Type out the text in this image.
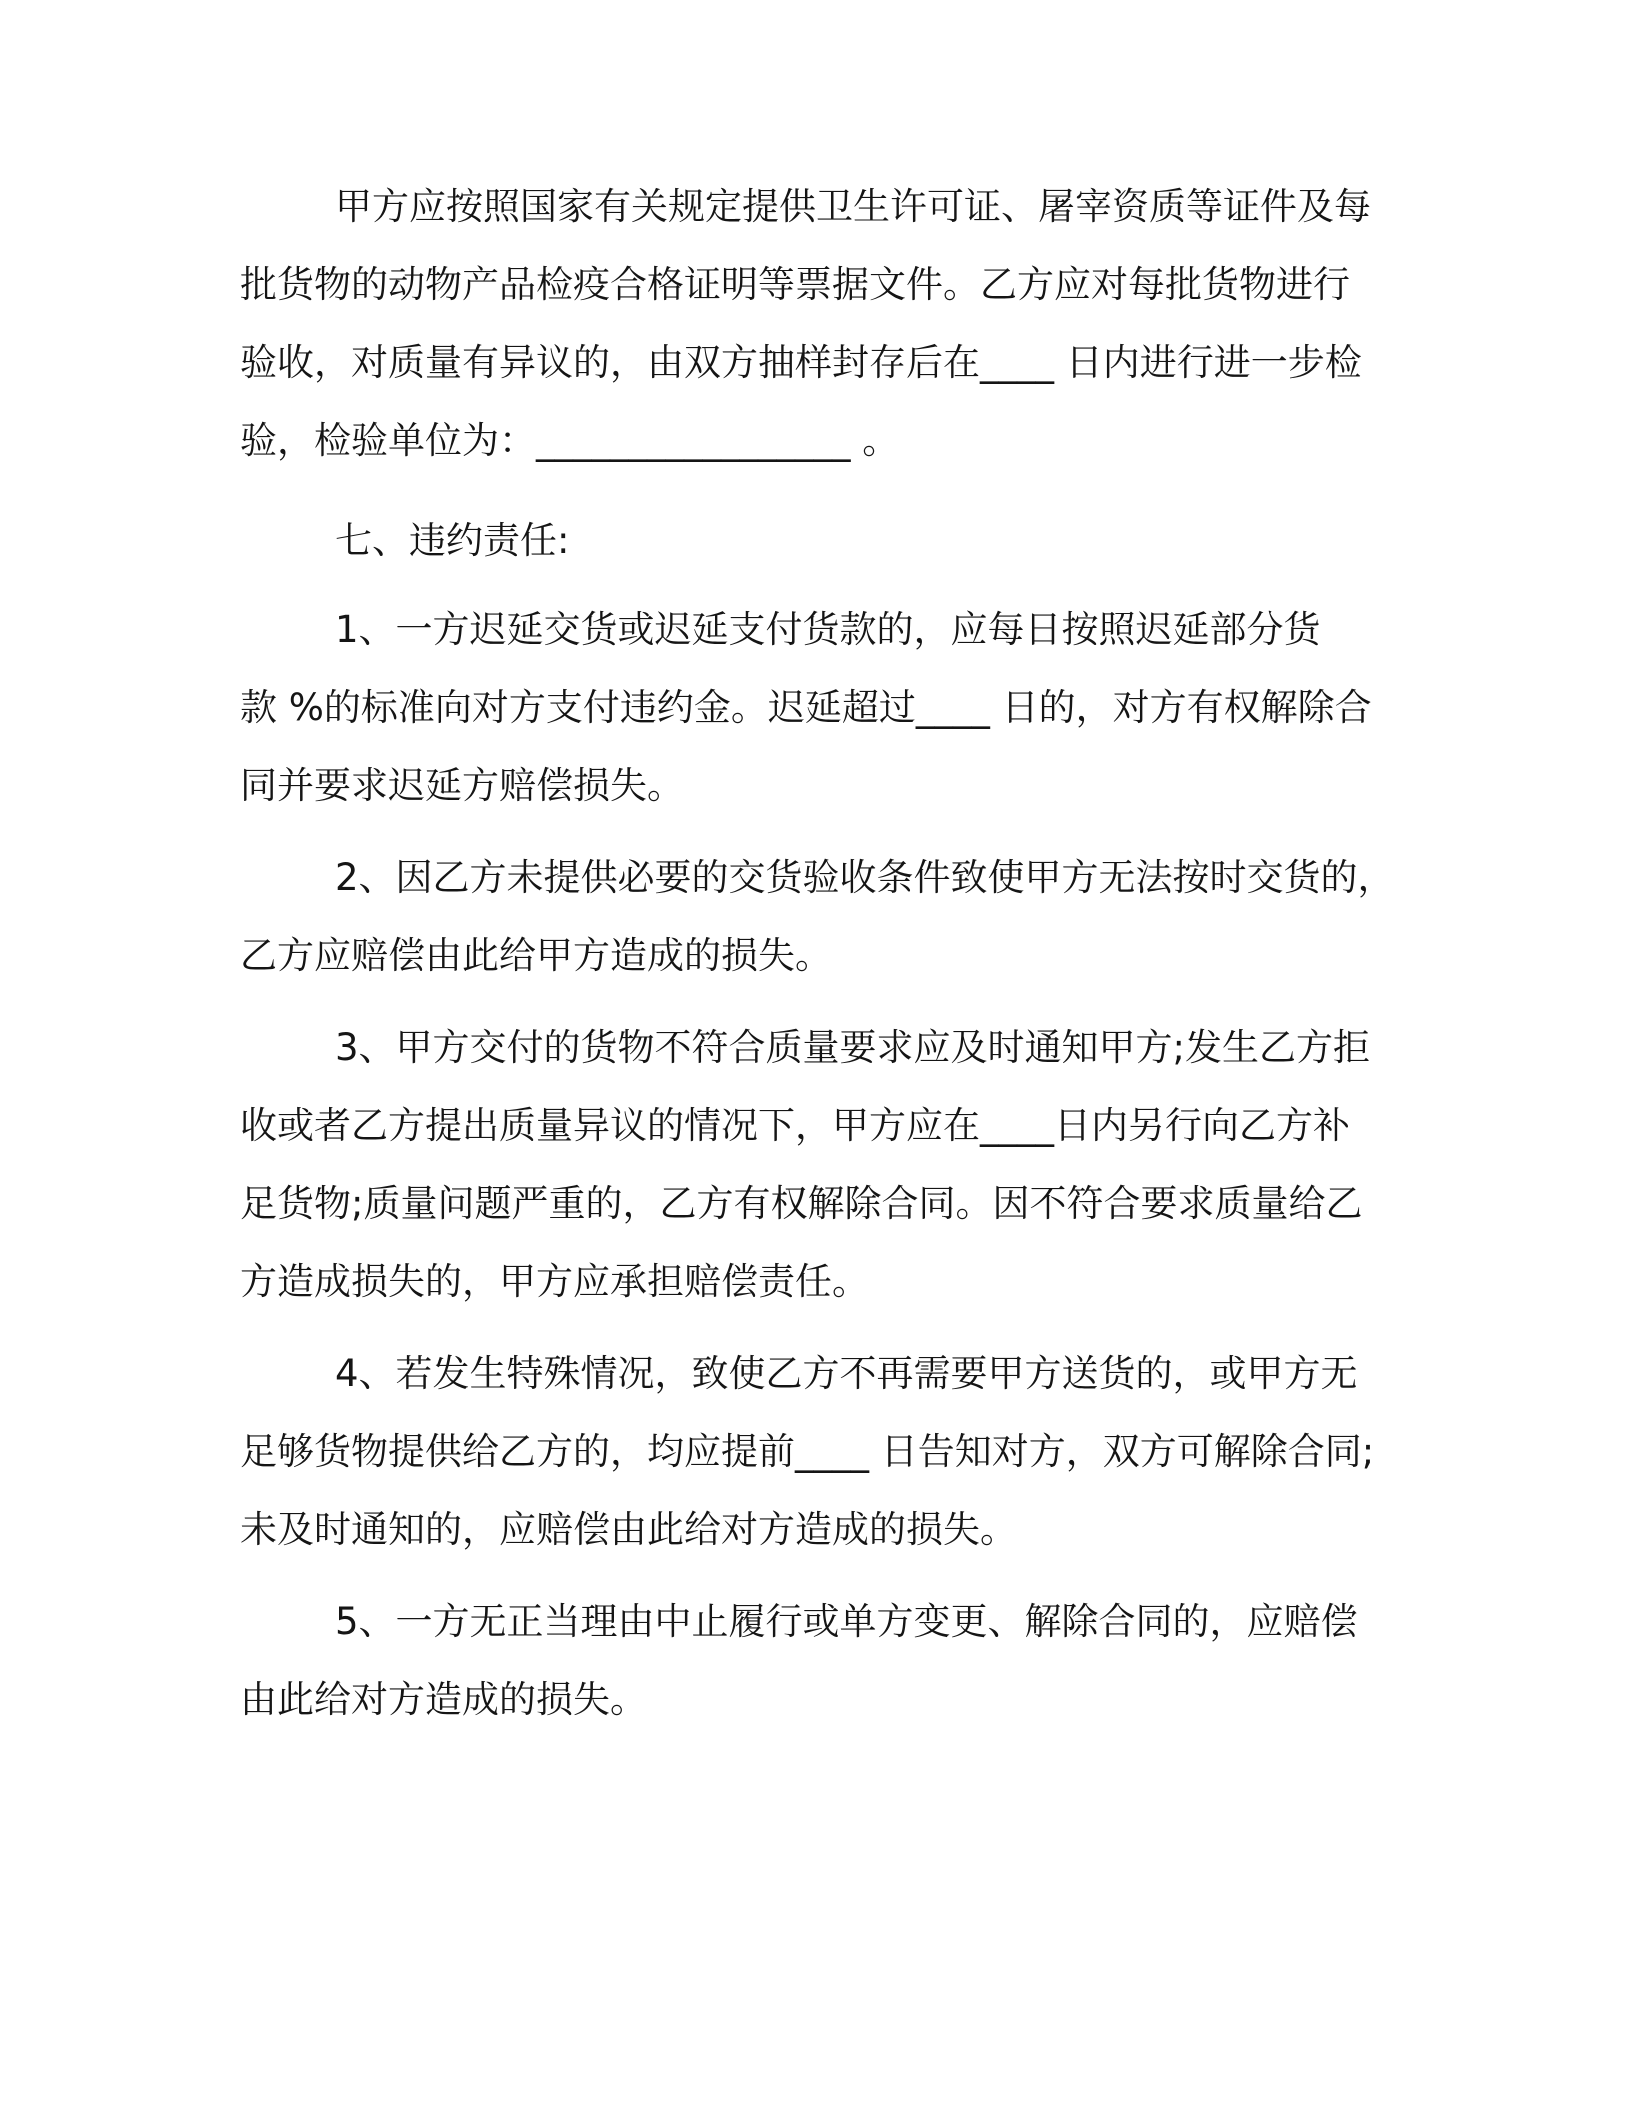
甲方应按照国家有关规定提供卫生许可证、屠宰资质等证件及每

批货物的动物产品检疫合格证明等票据文件。乙方应对每批货物进行

验收，对质量有异议的，由双方抽样封存后在____ 日内进行进一步检

验，检验单位为：_________________ 。

七、违约责任:

1、一方迟延交货或迟延支付货款的，应每日按照迟延部分货

款 %的标准向对方支付违约金。迟延超过____ 日的，对方有权解除合

同并要求迟延方赔偿损失。

2、因乙方未提供必要的交货验收条件致使甲方无法按时交货的，

乙方应赔偿由此给甲方造成的损失。

3、甲方交付的货物不符合质量要求应及时通知甲方;发生乙方拒

收或者乙方提出质量异议的情况下，甲方应在____日内另行向乙方补

足货物;质量问题严重的，乙方有权解除合同。因不符合要求质量给乙

方造成损失的，甲方应承担赔偿责任。

4、若发生特殊情况，致使乙方不再需要甲方送货的，或甲方无

足够货物提供给乙方的，均应提前____ 日告知对方，双方可解除合同;

未及时通知的，应赔偿由此给对方造成的损失。

5、一方无正当理由中止履行或单方变更、解除合同的，应赔偿

由此给对方造成的损失。
